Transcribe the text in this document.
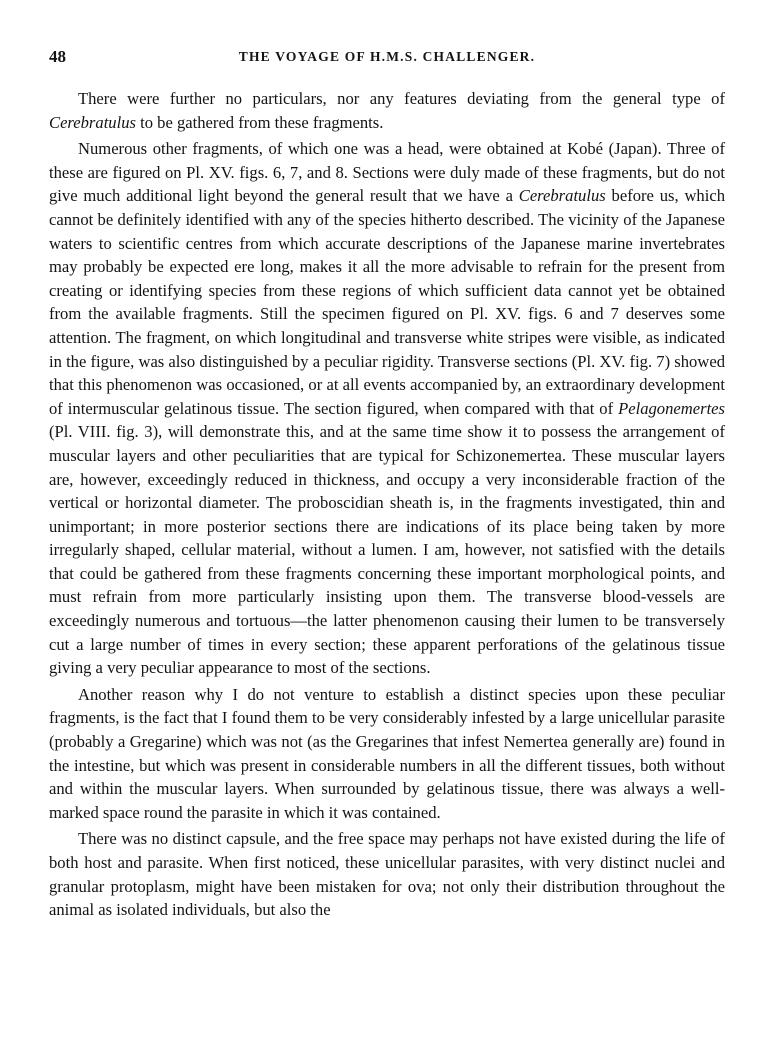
48	THE VOYAGE OF H.M.S. CHALLENGER.

There were further no particulars, nor any features deviating from the general type of Cerebratulus to be gathered from these fragments.

Numerous other fragments, of which one was a head, were obtained at Kobé (Japan). Three of these are figured on Pl. XV. figs. 6, 7, and 8. Sections were duly made of these fragments, but do not give much additional light beyond the general result that we have a Cerebratulus before us, which cannot be definitely identified with any of the species hitherto described. The vicinity of the Japanese waters to scientific centres from which accurate descriptions of the Japanese marine invertebrates may probably be expected ere long, makes it all the more advisable to refrain for the present from creating or identifying species from these regions of which sufficient data cannot yet be obtained from the available fragments. Still the specimen figured on Pl. XV. figs. 6 and 7 deserves some attention. The fragment, on which longitudinal and transverse white stripes were visible, as indicated in the figure, was also distinguished by a peculiar rigidity. Transverse sections (Pl. XV. fig. 7) showed that this phenomenon was occasioned, or at all events accompanied by, an extraordinary development of intermuscular gelatinous tissue. The section figured, when compared with that of Pelagonemertes (Pl. VIII. fig. 3), will demonstrate this, and at the same time show it to possess the arrangement of muscular layers and other peculiarities that are typical for Schizonemertea. These muscular layers are, however, exceedingly reduced in thickness, and occupy a very inconsiderable fraction of the vertical or horizontal diameter. The proboscidian sheath is, in the fragments investigated, thin and unimportant; in more posterior sections there are indications of its place being taken by more irregularly shaped, cellular material, without a lumen. I am, however, not satisfied with the details that could be gathered from these fragments concerning these important morphological points, and must refrain from more particularly insisting upon them. The transverse blood-vessels are exceedingly numerous and tortuous—the latter phenomenon causing their lumen to be transversely cut a large number of times in every section; these apparent perforations of the gelatinous tissue giving a very peculiar appearance to most of the sections.

Another reason why I do not venture to establish a distinct species upon these peculiar fragments, is the fact that I found them to be very considerably infested by a large unicellular parasite (probably a Gregarine) which was not (as the Gregarines that infest Nemertea generally are) found in the intestine, but which was present in considerable numbers in all the different tissues, both without and within the muscular layers. When surrounded by gelatinous tissue, there was always a well-marked space round the parasite in which it was contained.

There was no distinct capsule, and the free space may perhaps not have existed during the life of both host and parasite. When first noticed, these unicellular parasites, with very distinct nuclei and granular protoplasm, might have been mistaken for ova; not only their distribution throughout the animal as isolated individuals, but also the
